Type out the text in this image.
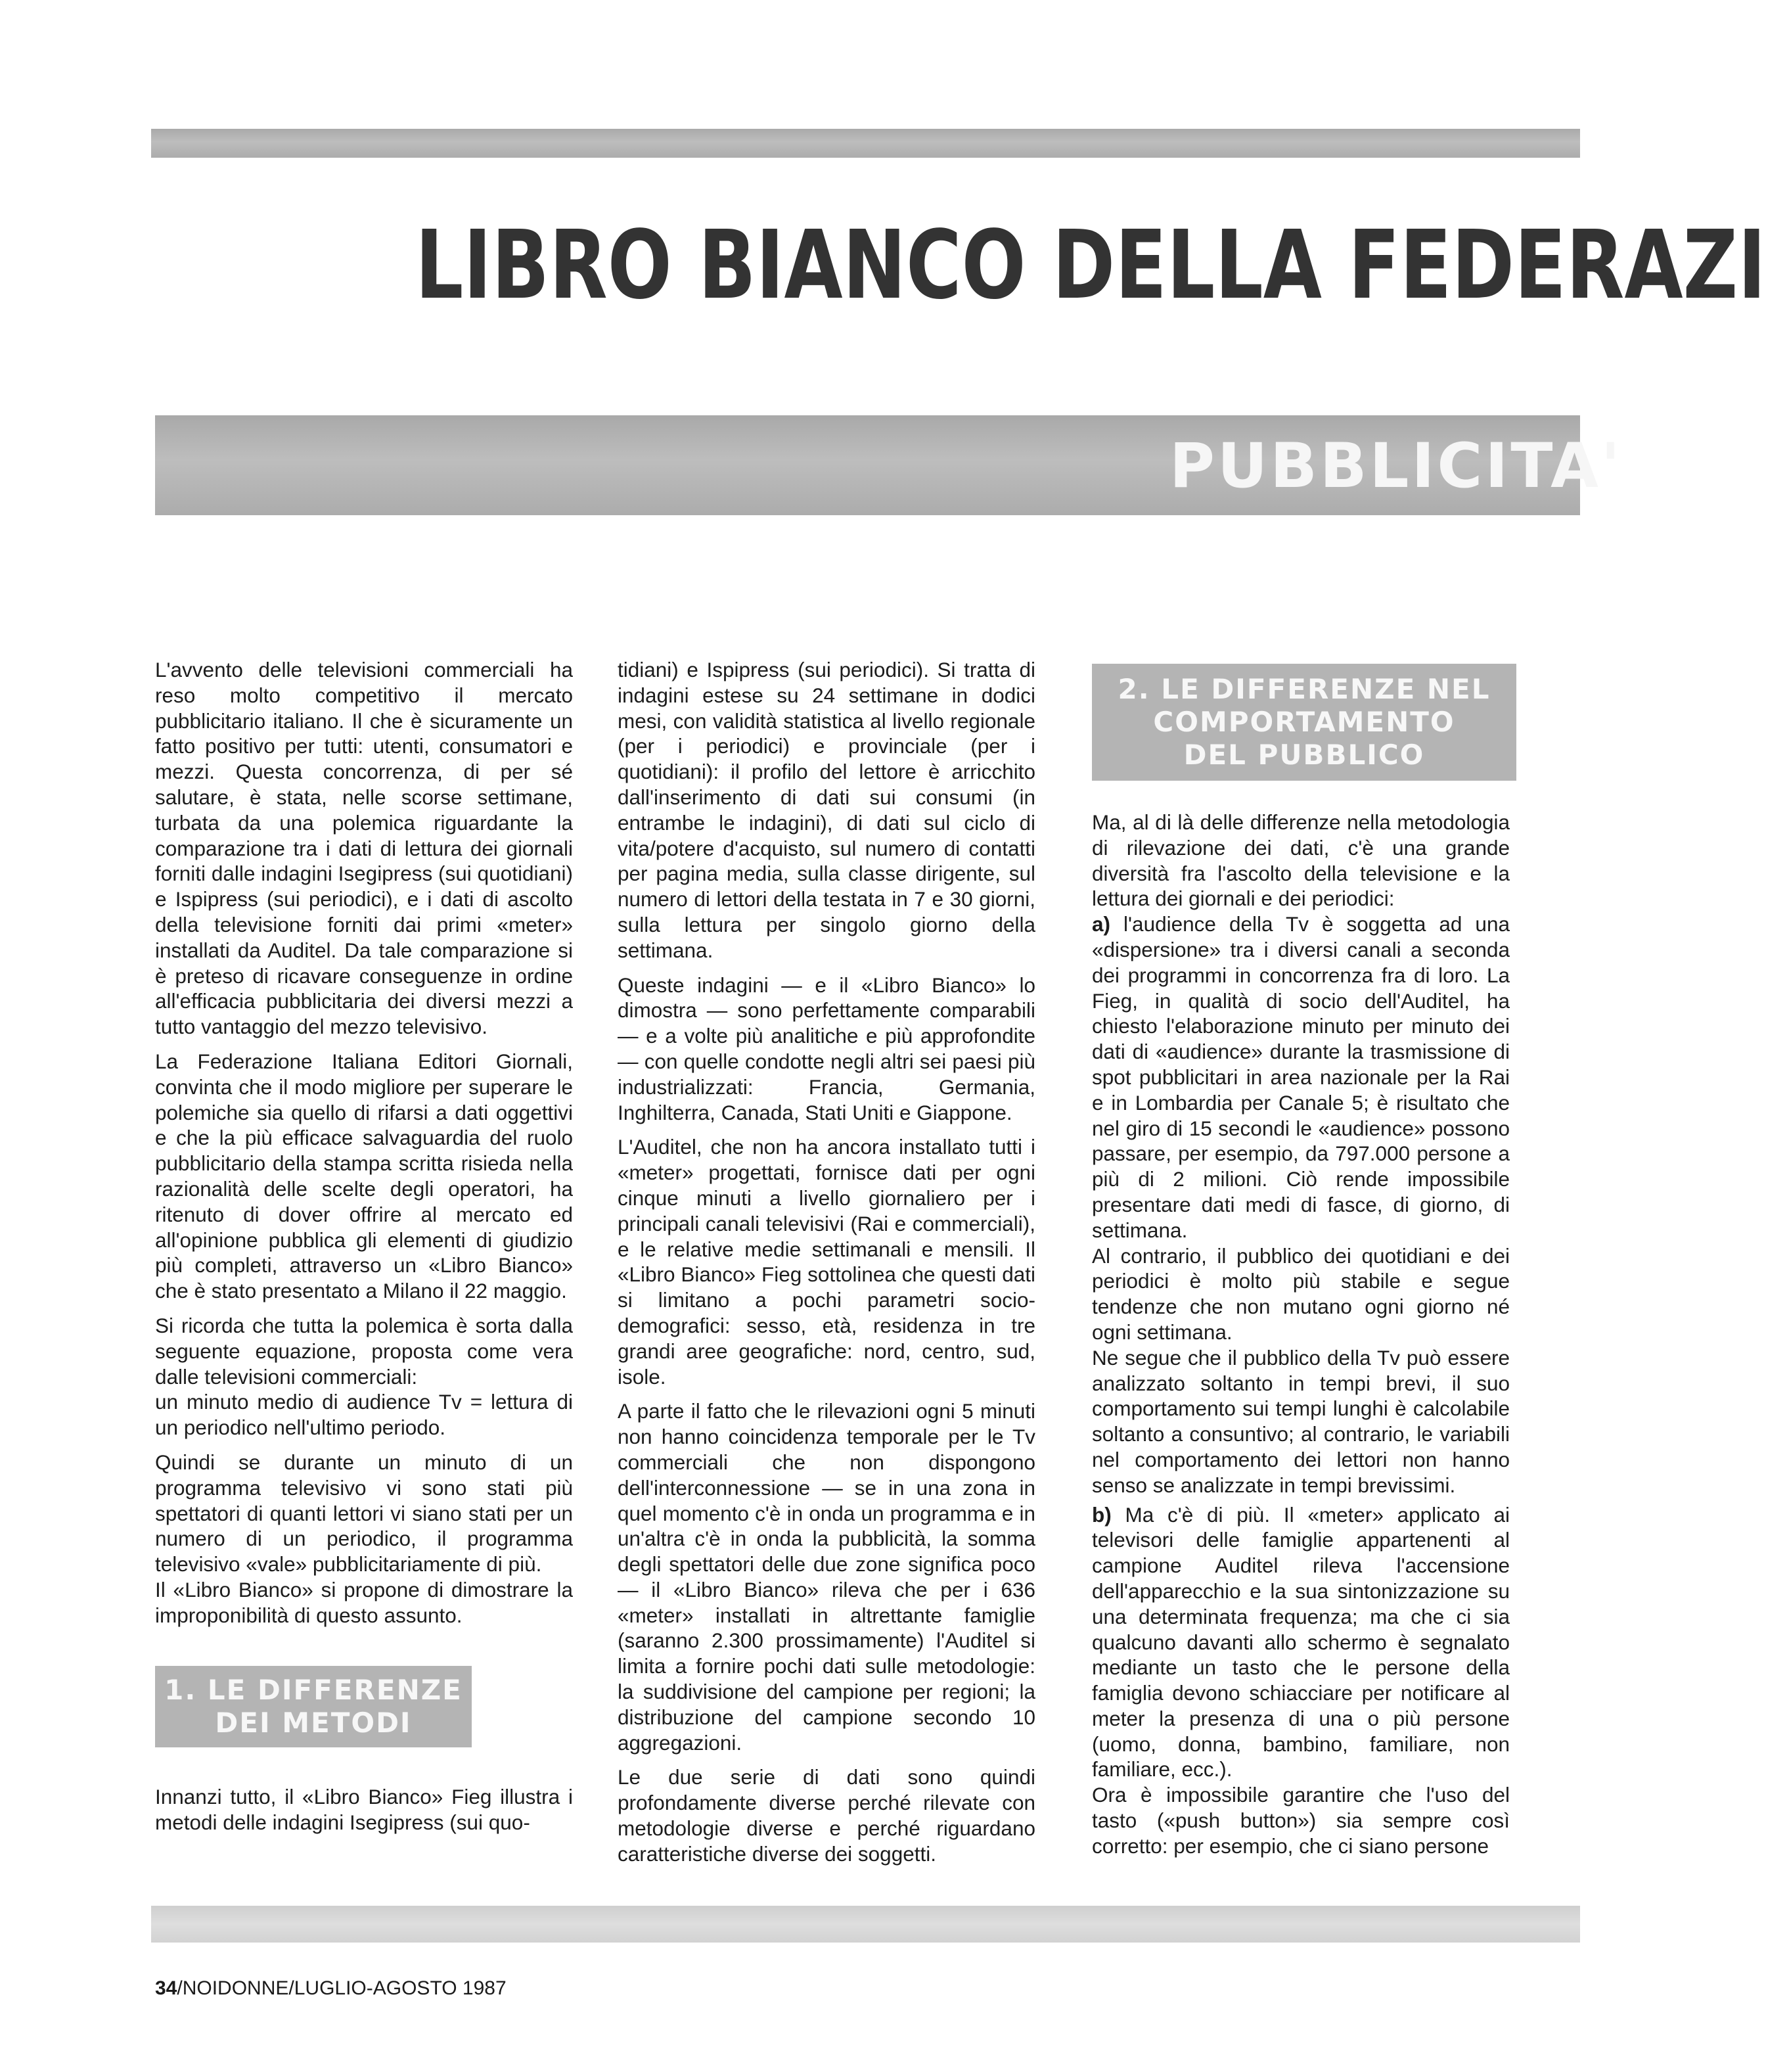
LIBRO BIANCO DELLA FEDERAZI
PUBBLICITA'

L'avvento delle televisioni commerciali ha reso molto competitivo il mercato pubblicitario italiano. Il che è sicuramente un fatto positivo per tutti: utenti, consumatori e mezzi. Questa concorrenza, di per sé salutare, è stata, nelle scorse settimane, turbata da una polemica riguardante la comparazione tra i dati di lettura dei giornali forniti dalle indagini Isegipress (sui quotidiani) e Ispipress (sui periodici), e i dati di ascolto della televisione forniti dai primi «meter» installati da Auditel. Da tale comparazione si è preteso di ricavare conseguenze in ordine all'efficacia pubblicitaria dei diversi mezzi a tutto vantaggio del mezzo televisivo.

La Federazione Italiana Editori Giornali, convinta che il modo migliore per superare le polemiche sia quello di rifarsi a dati oggettivi e che la più efficace salvaguardia del ruolo pubblicitario della stampa scritta risieda nella razionalità delle scelte degli operatori, ha ritenuto di dover offrire al mercato ed all'opinione pubblica gli elementi di giudizio più completi, attraverso un «Libro Bianco» che è stato presentato a Milano il 22 maggio.

Si ricorda che tutta la polemica è sorta dalla seguente equazione, proposta come vera dalle televisioni commerciali:

un minuto medio di audience Tv = lettura di un periodico nell'ultimo periodo.

Quindi se durante un minuto di un programma televisivo vi sono stati più spettatori di quanti lettori vi siano stati per un numero di un periodico, il programma televisivo «vale» pubblicitariamente di più.

Il «Libro Bianco» si propone di dimostrare la improponibilità di questo assunto.

1. LE DIFFERENZE
DEI METODI

Innanzi tutto, il «Libro Bianco» Fieg illustra i metodi delle indagini Isegipress (sui quo-

tidiani) e Ispipress (sui periodici). Si tratta di indagini estese su 24 settimane in dodici mesi, con validità statistica al livello regionale (per i periodici) e provinciale (per i quotidiani): il profilo del lettore è arricchito dall'inserimento di dati sui consumi (in entrambe le indagini), di dati sul ciclo di vita/potere d'acquisto, sul numero di contatti per pagina media, sulla classe dirigente, sul numero di lettori della testata in 7 e 30 giorni, sulla lettura per singolo giorno della settimana.

Queste indagini — e il «Libro Bianco» lo dimostra — sono perfettamente comparabili — e a volte più analitiche e più approfondite — con quelle condotte negli altri sei paesi più industrializzati: Francia, Germania, Inghilterra, Canada, Stati Uniti e Giappone.

L'Auditel, che non ha ancora installato tutti i «meter» progettati, fornisce dati per ogni cinque minuti a livello giornaliero per i principali canali televisivi (Rai e commerciali), e le relative medie settimanali e mensili. Il «Libro Bianco» Fieg sottolinea che questi dati si limitano a pochi parametri socio-demografici: sesso, età, residenza in tre grandi aree geografiche: nord, centro, sud, isole.

A parte il fatto che le rilevazioni ogni 5 minuti non hanno coincidenza temporale per le Tv commerciali che non dispongono dell'interconnessione — se in una zona in quel momento c'è in onda un programma e in un'altra c'è in onda la pubblicità, la somma degli spettatori delle due zone significa poco — il «Libro Bianco» rileva che per i 636 «meter» installati in altrettante famiglie (saranno 2.300 prossimamente) l'Auditel si limita a fornire pochi dati sulle metodologie: la suddivisione del campione per regioni; la distribuzione del campione secondo 10 aggregazioni.

Le due serie di dati sono quindi profondamente diverse perché rilevate con metodologie diverse e perché riguardano caratteristiche diverse dei soggetti.

2. LE DIFFERENZE NEL
COMPORTAMENTO
DEL PUBBLICO

Ma, al di là delle differenze nella metodologia di rilevazione dei dati, c'è una grande diversità fra l'ascolto della televisione e la lettura dei giornali e dei periodici:

a) l'audience della Tv è soggetta ad una «dispersione» tra i diversi canali a seconda dei programmi in concorrenza fra di loro. La Fieg, in qualità di socio dell'Auditel, ha chiesto l'elaborazione minuto per minuto dei dati di «audience» durante la trasmissione di spot pubblicitari in area nazionale per la Rai e in Lombardia per Canale 5; è risultato che nel giro di 15 secondi le «audience» possono passare, per esempio, da 797.000 persone a più di 2 milioni. Ciò rende impossibile presentare dati medi di fasce, di giorno, di settimana.

Al contrario, il pubblico dei quotidiani e dei periodici è molto più stabile e segue tendenze che non mutano ogni giorno né ogni settimana.

Ne segue che il pubblico della Tv può essere analizzato soltanto in tempi brevi, il suo comportamento sui tempi lunghi è calcolabile soltanto a consuntivo; al contrario, le variabili nel comportamento dei lettori non hanno senso se analizzate in tempi brevissimi.

b) Ma c'è di più. Il «meter» applicato ai televisori delle famiglie appartenenti al campione Auditel rileva l'accensione dell'apparecchio e la sua sintonizzazione su una determinata frequenza; ma che ci sia qualcuno davanti allo schermo è segnalato mediante un tasto che le persone della famiglia devono schiacciare per notificare al meter la presenza di una o più persone (uomo, donna, bambino, familiare, non familiare, ecc.).

Ora è impossibile garantire che l'uso del tasto («push button») sia sempre così corretto: per esempio, che ci siano persone

34/NOIDONNE/LUGLIO-AGOSTO 1987
